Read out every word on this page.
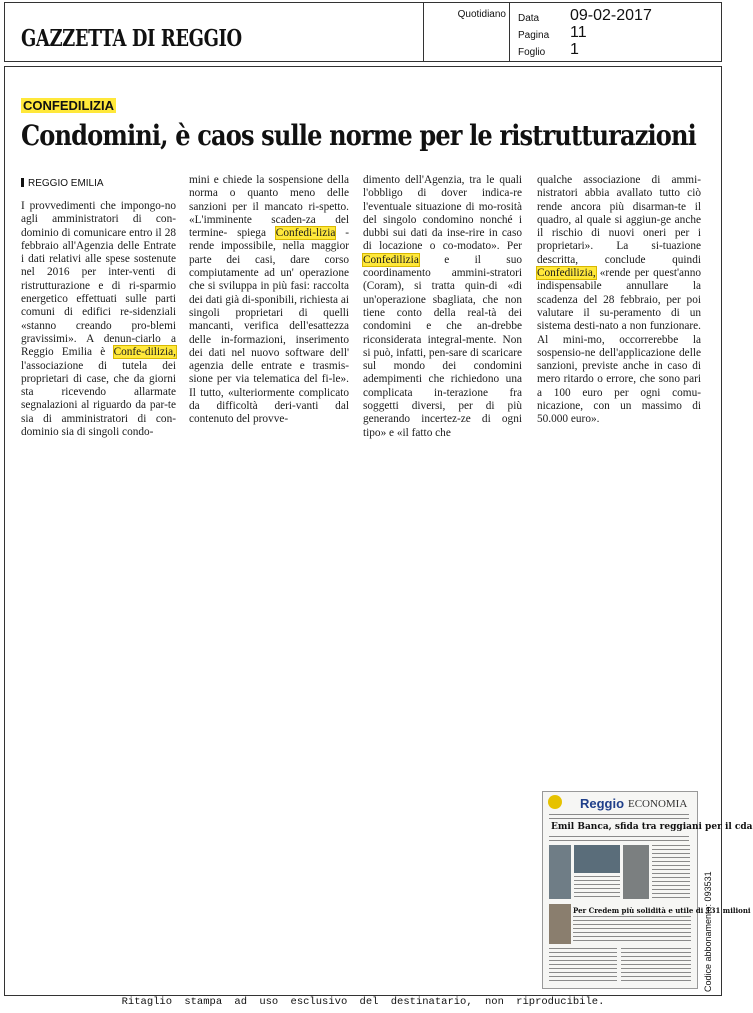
GAZZETTA DI REGGIO
Quotidiano Data 09-02-2017
Pagina 11
Foglio 1
CONFEDILIZIA
Condomini, è caos sulle norme per le ristrutturazioni
REGGIO EMILIA

I provvedimenti che impongo-no agli amministratori di con-dominio di comunicare entro il 28 febbraio all'Agenzia delle Entrate i dati relativi alle spese sostenute nel 2016 per inter-venti di ristrutturazione e di ri-sparmio energetico effettuati sulle parti comuni di edifici re-sidenziali «stanno creando pro-blemi gravissimi». A denun-ciarlo a Reggio Emilia è Confe-dilizia, l'associazione di tutela dei proprietari di case, che da giorni sta ricevendo allarmate segnalazioni al riguardo da par-te sia di amministratori di con-dominio sia di singoli condo-

mini e chiede la sospensione della norma o quanto meno delle sanzioni per il mancato ri-spetto. «L'imminente scaden-za del termine- spiega Confedi-lizia - rende impossibile, nella maggior parte dei casi, dare corso compiutamente ad un' operazione che si sviluppa in più fasi: raccolta dei dati già di-sponibili, richiesta ai singoli proprietari di quelli mancanti, verifica dell'esattezza delle in-formazioni, inserimento dei dati nel nuovo software dell' agenzia delle entrate e trasmis-sione per via telematica del fi-le». Il tutto, «ulteriormente complicato da difficoltà deri-vanti dal contenuto del provve-

dimento dell'Agenzia, tra le quali l'obbligo di dover indica-re l'eventuale situazione di mo-rosità del singolo condomino nonché i dubbi sui dati da inse-rire in caso di locazione o co-modato». Per Confedilizia e il suo coordinamento ammini-stratori (Coram), si tratta quin-di «di un'operazione sbagliata, che non tiene conto della real-tà dei condomini e che an-drebbe riconsiderata integral-mente. Non si può, infatti, pen-sare di scaricare sul mondo dei condomini adempimenti che richiedono una complicata in-terazione fra soggetti diversi, per di più generando incertez-ze di ogni tipo» e «il fatto che

qualche associazione di ammi-nistratori abbia avallato tutto ciò rende ancora più disarman-te il quadro, al quale si aggiun-ge anche il rischio di nuovi oneri per i proprietari». La si-tuazione descritta, conclude quindi Confedilizia, «rende per quest'anno indispensabile annullare la scadenza del 28 febbraio, per poi valutare il su-peramento di un sistema desti-nato a non funzionare. Al mini-mo, occorrerebbe la sospensio-ne dell'applicazione delle sanzioni, previste anche in caso di mero ritardo o errore, che sono pari a 100 euro per ogni comu-nicazione, con un massimo di 50.000 euro».

Reggio ECONOMIA
Emil Banca, sfida tra reggiani per il cda
Per Credem più solidità e utile di 131 milioni
Codice abbonamento: 093531
Ritaglio stampa ad uso esclusivo del destinatario, non riproducibile.
